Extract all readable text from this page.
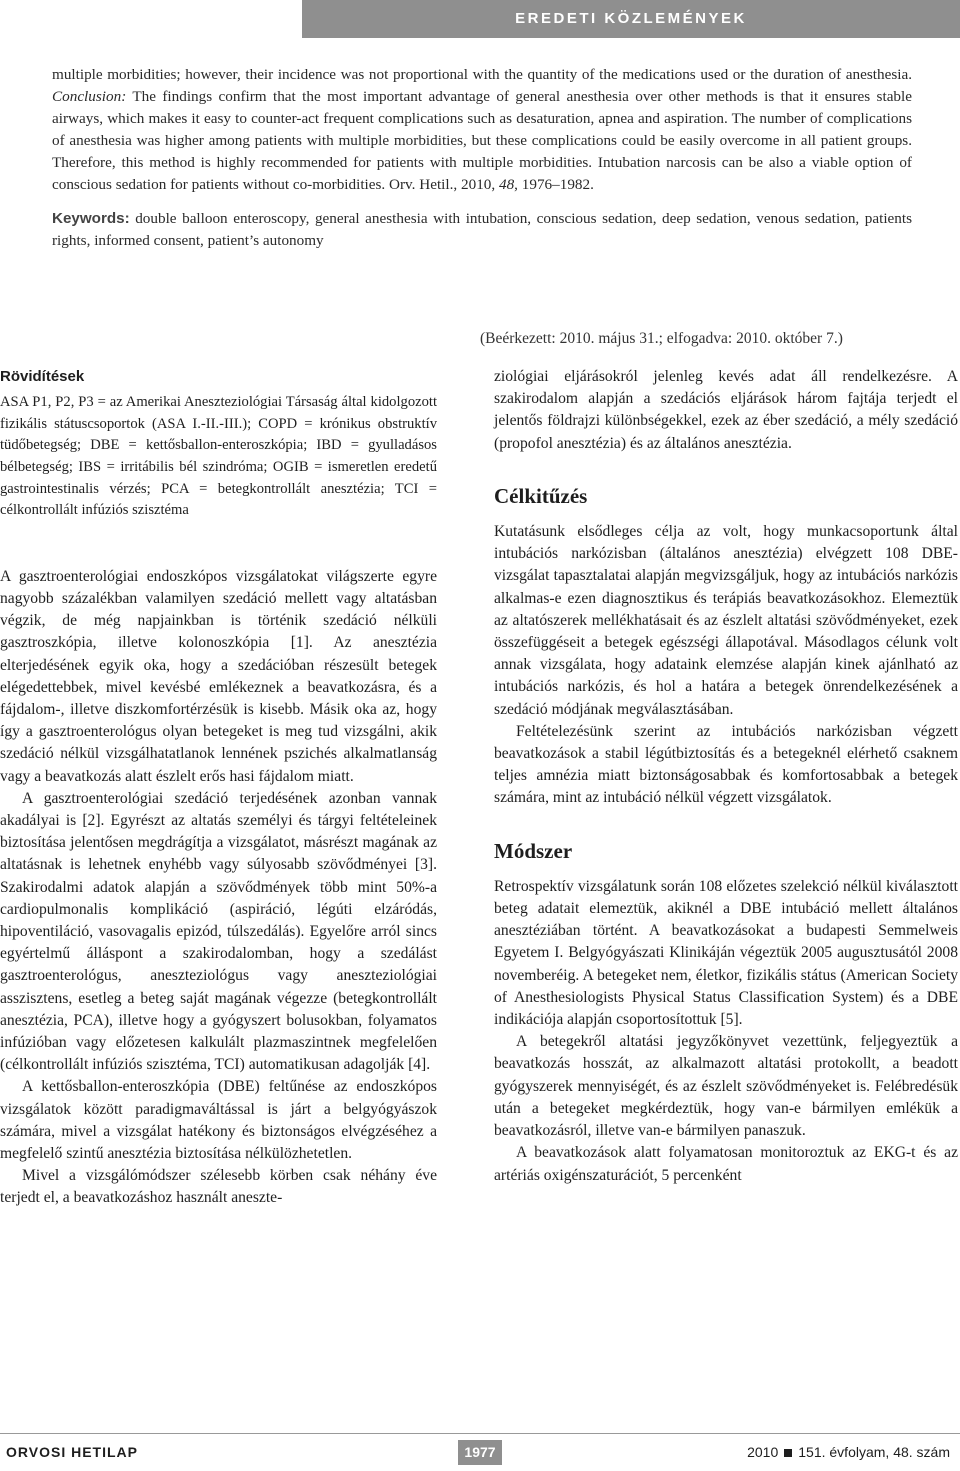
EREDETI KÖZLEMÉNYEK

multiple morbidities; however, their incidence was not proportional with the quantity of the medications used or the duration of anesthesia. Conclusion: The findings confirm that the most important advantage of general anesthesia over other methods is that it ensures stable airways, which makes it easy to counter-act frequent complications such as desaturation, apnea and aspiration. The number of complications of anesthesia was higher among patients with multiple morbidities, but these complications could be easily overcome in all patient groups. Therefore, this method is highly recommended for patients with multiple morbidities. Intubation narcosis can be also a viable option of conscious sedation for patients without co-morbidities. Orv. Hetil., 2010, 48, 1976–1982.

Keywords: double balloon enteroscopy, general anesthesia with intubation, conscious sedation, deep sedation, venous sedation, patients rights, informed consent, patient’s autonomy

(Beérkezett: 2010. május 31.; elfogadva: 2010. október 7.)
Rövidítések

ASA P1, P2, P3 = az Amerikai Aneszteziológiai Társaság által kidolgozott fizikális státuscsoportok (ASA I.-II.-III.); COPD = krónikus obstruktív tüdőbetegség; DBE = kettősballon-enteroszkópia; IBD = gyulladásos bélbetegség; IBS = irritábilis bél szindróma; OGIB = ismeretlen eredetű gastrointestinalis vérzés; PCA = betegkontrollált anesztézia; TCI = célkontrollált infúziós szisztéma

A gasztroenterológiai endoszkópos vizsgálatokat világszerte egyre nagyobb százalékban valamilyen szedáció mellett vagy altatásban végzik, de még napjainkban is történik szedáció nélküli gasztroszkópia, illetve kolonoszkópia [1]. Az anesztézia elterjedésének egyik oka, hogy a szedációban részesült betegek elégedettebbek, mivel kevésbé emlékeznek a beavatkozásra, és a fájdalom-, illetve diszkomfortérzésük is kisebb. Másik oka az, hogy így a gasztroenterológus olyan betegeket is meg tud vizsgálni, akik szedáció nélkül vizsgálhatatlanok lennének pszichés alkalmatlanság vagy a beavatkozás alatt észlelt erős hasi fájdalom miatt.

A gasztroenterológiai szedáció terjedésének azonban vannak akadályai is [2]. Egyrészt az altatás személyi és tárgyi feltételeinek biztosítása jelentősen megdrágítja a vizsgálatot, másrészt magának az altatásnak is lehetnek enyhébb vagy súlyosabb szövődményei [3]. Szakirodalmi adatok alapján a szövődmények több mint 50%-a cardiopulmonalis komplikáció (aspiráció, légúti elzáródás, hipoventiláció, vasovagalis epizód, túlszedálás). Egyelőre arról sincs egyértelmű álláspont a szakirodalomban, hogy a szedálást gasztroenterológus, aneszteziológus vagy aneszteziológiai asszisztens, esetleg a beteg saját magának végezze (betegkontrollált anesztézia, PCA), illetve hogy a gyógyszert bolusokban, folyamatos infúzióban vagy előzetesen kalkulált plazmaszintnek megfelelően (célkontrollált infúziós szisztéma, TCI) automatikusan adagolják [4].

A kettősballon-enteroszkópia (DBE) feltűnése az endoszkópos vizsgálatok között paradigmaváltással is járt a belgyógyászok számára, mivel a vizsgálat hatékony és biztonságos elvégzéséhez a megfelelő szintű anesztézia biztosítása nélkülözhetetlen.

Mivel a vizsgálómódszer szélesebb körben csak néhány éve terjedt el, a beavatkozáshoz használt aneszte-

ziológiai eljárásokról jelenleg kevés adat áll rendelkezésre. A szakirodalom alapján a szedációs eljárások három fajtája terjedt el jelentős földrajzi különbségekkel, ezek az éber szedáció, a mély szedáció (propofol anesztézia) és az általános anesztézia.

Célkitűzés

Kutatásunk elsődleges célja az volt, hogy munkacsoportunk által intubációs narkózisban (általános anesztézia) elvégzett 108 DBE-vizsgálat tapasztalatai alapján megvizsgáljuk, hogy az intubációs narkózis alkalmas-e ezen diagnosztikus és terápiás beavatkozásokhoz. Elemeztük az altatószerek mellékhatásait és az észlelt altatási szövődményeket, ezek összefüggéseit a betegek egészségi állapotával. Másodlagos célunk volt annak vizsgálata, hogy adataink elemzése alapján kinek ajánlható az intubációs narkózis, és hol a határa a betegek önrendelkezésének a szedáció módjának megválasztásában.

Feltételezésünk szerint az intubációs narkózisban végzett beavatkozások a stabil légútbiztosítás és a betegeknél elérhető csaknem teljes amnézia miatt biztonságosabbak és komfortosabbak a betegek számára, mint az intubáció nélkül végzett vizsgálatok.

Módszer

Retrospektív vizsgálatunk során 108 előzetes szelekció nélkül kiválasztott beteg adatait elemeztük, akiknél a DBE intubáció mellett általános anesztéziában történt. A beavatkozásokat a budapesti Semmelweis Egyetem I. Belgyógyászati Klinikáján végeztük 2005 augusztusától 2008 novemberéig. A betegeket nem, életkor, fizikális státus (American Society of Anesthesiologists Physical Status Classification System) és a DBE indikációja alapján csoportosítottuk [5].

A betegekről altatási jegyzőkönyvet vezettünk, feljegyeztük a beavatkozás hosszát, az alkalmazott altatási protokollt, a beadott gyógyszerek mennyiségét, és az észlelt szövődményeket is. Felébredésük után a betegeket megkérdeztük, hogy van-e bármilyen emlékük a beavatkozásról, illetve van-e bármilyen panaszuk.

A beavatkozások alatt folyamatosan monitoroztuk az EKG-t és az artériás oxigénszaturációt, 5 percenként

ORVOSI HETILAP	1977	2010 151. évfolyam, 48. szám
